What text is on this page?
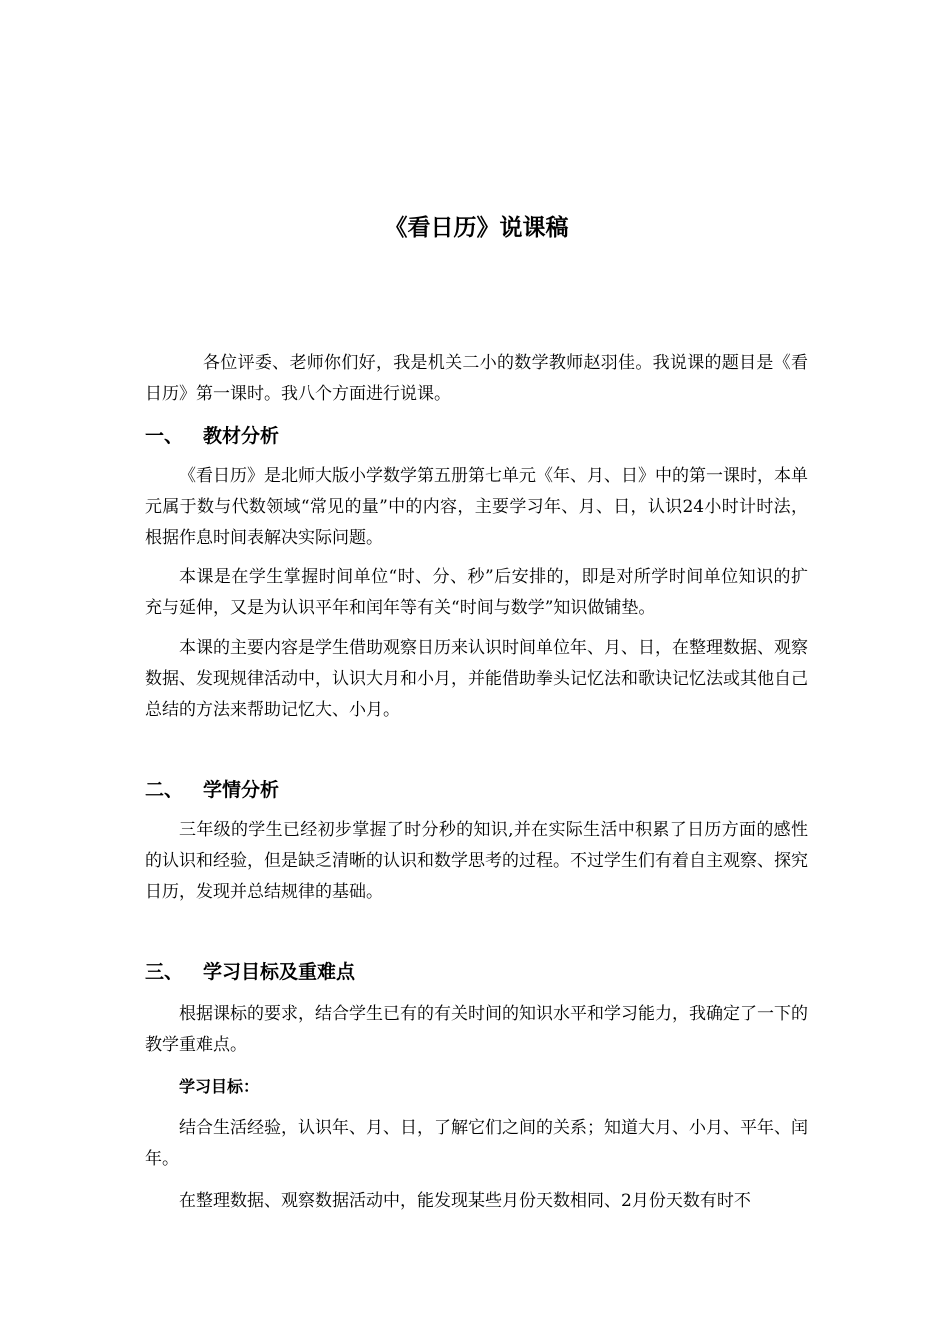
《看日历》说课稿

各位评委、老师你们好，我是机关二小的数学教师赵羽佳。我说课的题目是《看日历》第一课时。我八个方面进行说课。

一、 教材分析

《看日历》是北师大版小学数学第五册第七单元《年、月、日》中的第一课时，本单元属于数与代数领域“常见的量”中的内容，主要学习年、月、日，认识24小时计时法，根据作息时间表解决实际问题。

本课是在学生掌握时间单位“时、分、秒”后安排的，即是对所学时间单位知识的扩充与延伸，又是为认识平年和闰年等有关“时间与数学”知识做铺垫。

本课的主要内容是学生借助观察日历来认识时间单位年、月、日，在整理数据、观察数据、发现规律活动中，认识大月和小月，并能借助拳头记忆法和歌诀记忆法或其他自己总结的方法来帮助记忆大、小月。

二、 学情分析

三年级的学生已经初步掌握了时分秒的知识,并在实际生活中积累了日历方面的感性的认识和经验，但是缺乏清晰的认识和数学思考的过程。不过学生们有着自主观察、探究日历，发现并总结规律的基础。

三、 学习目标及重难点

根据课标的要求，结合学生已有的有关时间的知识水平和学习能力，我确定了一下的教学重难点。

学习目标：

结合生活经验，认识年、月、日，了解它们之间的关系；知道大月、小月、平年、闰年。

在整理数据、观察数据活动中，能发现某些月份天数相同、2月份天数有时不
